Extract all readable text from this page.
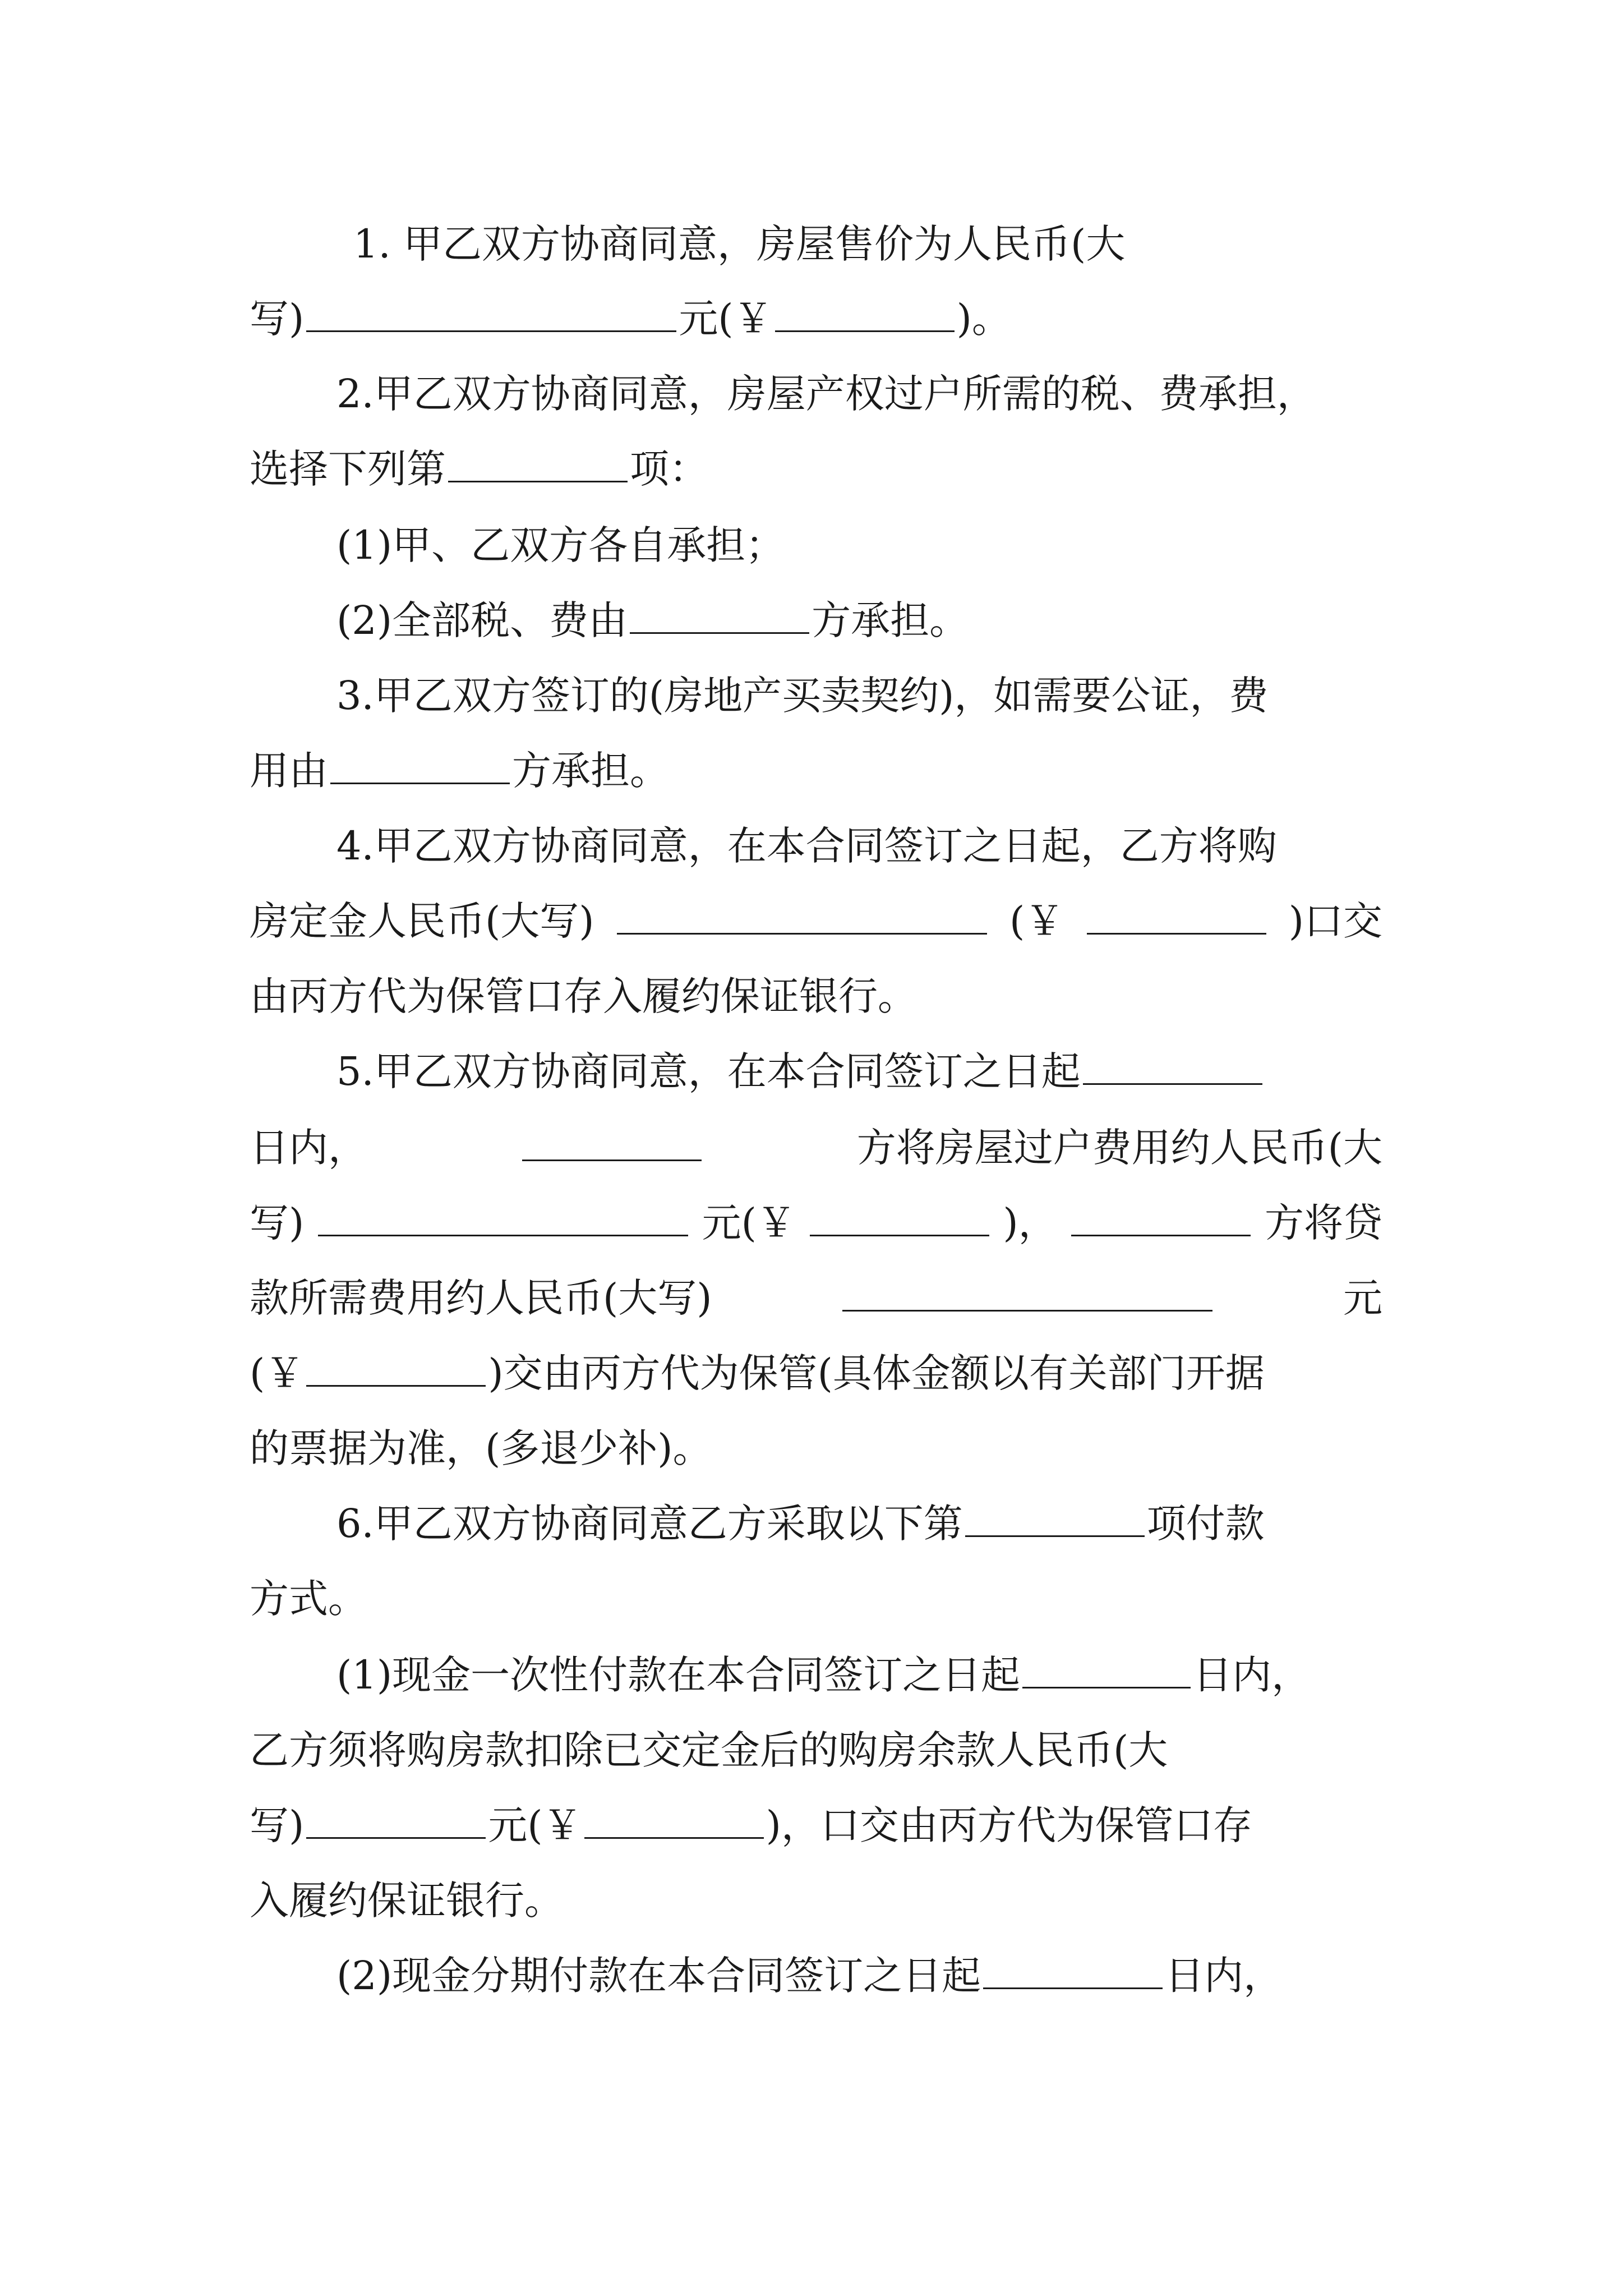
1. 甲乙双方协商同意，房屋售价为人民币(大
写)	元(￥	)。
2.甲乙双方协商同意，房屋产权过户所需的税、费承担，
选择下列第	项：
(1)甲、乙双方各自承担；
(2)全部税、费由	方承担。
3.甲乙双方签订的(房地产买卖契约)，如需要公证，费
用由	方承担。
4.甲乙双方协商同意，在本合同签订之日起，乙方将购
房定金人民币(大写)	(￥	)口交
由丙方代为保管口存入履约保证银行。
5.甲乙双方协商同意，在本合同签订之日起
日内，	方将房屋过户费用约人民币(大
写)	元(￥	)，	方将贷
款所需费用约人民币(大写)	元
(￥	)交由丙方代为保管(具体金额以有关部门开据
的票据为准，(多退少补)。
6.甲乙双方协商同意乙方采取以下第	项付款
方式。
(1)现金一次性付款在本合同签订之日起	日内，
乙方须将购房款扣除已交定金后的购房余款人民币(大
写)	元(￥	)，口交由丙方代为保管口存
入履约保证银行。
(2)现金分期付款在本合同签订之日起	日内，
